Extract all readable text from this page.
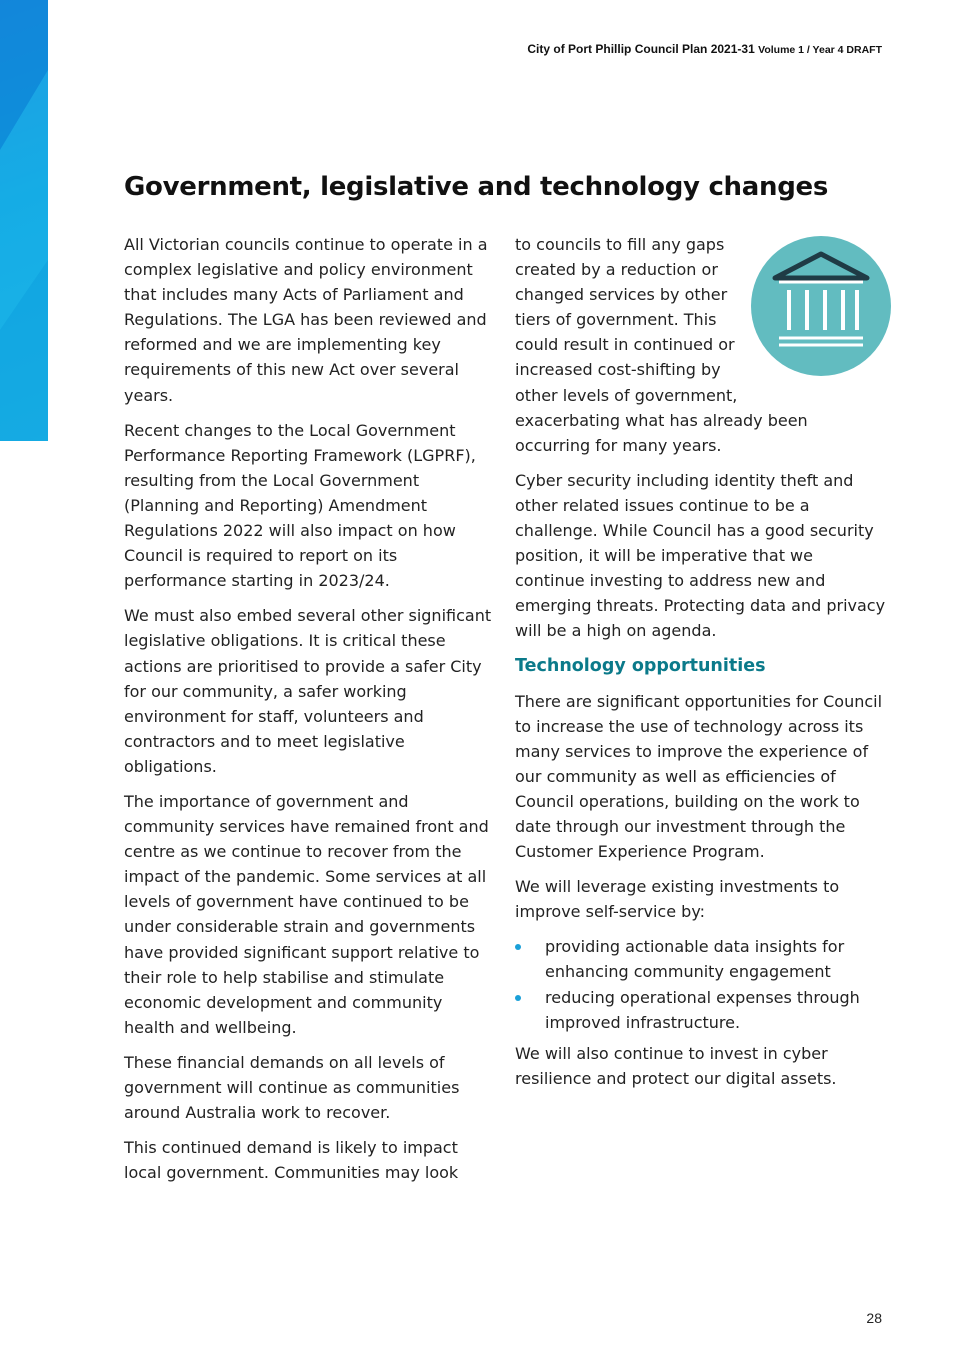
City of Port Phillip Council Plan 2021-31 Volume 1 / Year 4 DRAFT
Government, legislative and technology changes

All Victorian councils continue to operate in a complex legislative and policy environment that includes many Acts of Parliament and Regulations. The LGA has been reviewed and reformed and we are implementing key requirements of this new Act over several years.

Recent changes to the Local Government Performance Reporting Framework (LGPRF), resulting from the Local Government (Planning and Reporting) Amendment Regulations 2022 will also impact on how Council is required to report on its performance starting in 2023/24.

We must also embed several other significant legislative obligations. It is critical these actions are prioritised to provide a safer City for our community, a safer working environment for staff, volunteers and contractors and to meet legislative obligations.

The importance of government and community services have remained front and centre as we continue to recover from the impact of the pandemic. Some services at all levels of government have continued to be under considerable strain and governments have provided significant support relative to their role to help stabilise and stimulate economic development and community health and wellbeing.

These financial demands on all levels of government will continue as communities around Australia work to recover.

This continued demand is likely to impact local government. Communities may look

to councils to fill any gaps created by a reduction or changed services by other tiers of government. This could result in continued or increased cost-shifting by other levels of government, exacerbating what has already been occurring for many years.

Cyber security including identity theft and other related issues continue to be a challenge. While Council has a good security position, it will be imperative that we continue investing to address new and emerging threats. Protecting data and privacy will be a high on agenda.

Technology opportunities

There are significant opportunities for Council to increase the use of technology across its many services to improve the experience of our community as well as efficiencies of Council operations, building on the work to date through our investment through the Customer Experience Program.

We will leverage existing investments to improve self-service by:

providing actionable data insights for enhancing community engagement
reducing operational expenses through improved infrastructure.

We will also continue to invest in cyber resilience and protect our digital assets.

28
